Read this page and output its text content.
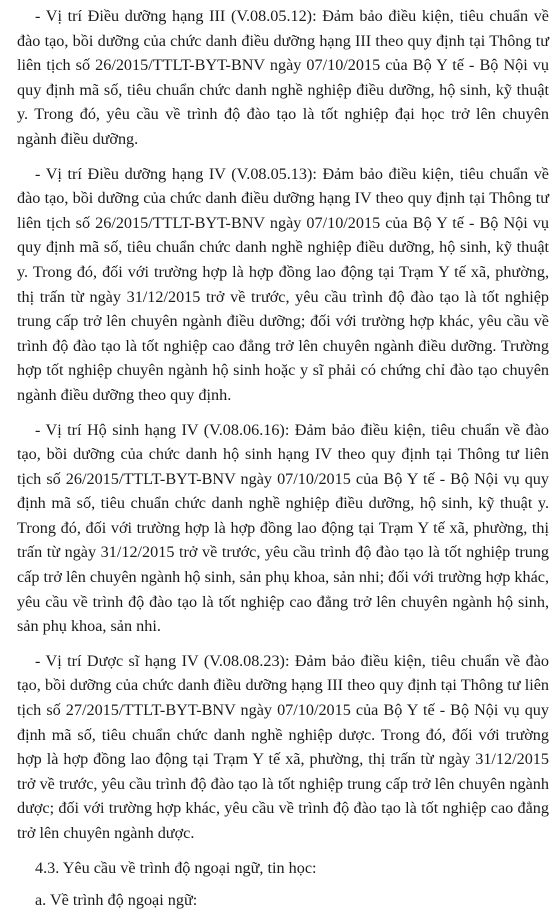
- Vị trí Điều dưỡng hạng III (V.08.05.12): Đảm bảo điều kiện, tiêu chuẩn về đào tạo, bồi dưỡng của chức danh điều dưỡng hạng III theo quy định tại Thông tư liên tịch số 26/2015/TTLT-BYT-BNV ngày 07/10/2015 của Bộ Y tế - Bộ Nội vụ quy định mã số, tiêu chuẩn chức danh nghề nghiệp điều dưỡng, hộ sinh, kỹ thuật y. Trong đó, yêu cầu về trình độ đào tạo là tốt nghiệp đại học trở lên chuyên ngành điều dưỡng.

- Vị trí Điều dưỡng hạng IV (V.08.05.13): Đảm bảo điều kiện, tiêu chuẩn về đào tạo, bồi dưỡng của chức danh điều dưỡng hạng IV theo quy định tại Thông tư liên tịch số 26/2015/TTLT-BYT-BNV ngày 07/10/2015 của Bộ Y tế - Bộ Nội vụ quy định mã số, tiêu chuẩn chức danh nghề nghiệp điều dưỡng, hộ sinh, kỹ thuật y. Trong đó, đối với trường hợp là hợp đồng lao động tại Trạm Y tế xã, phường, thị trấn từ ngày 31/12/2015 trở về trước, yêu cầu trình độ đào tạo là tốt nghiệp trung cấp trở lên chuyên ngành điều dưỡng; đối với trường hợp khác, yêu cầu về trình độ đào tạo là tốt nghiệp cao đẳng trở lên chuyên ngành điều dưỡng. Trường hợp tốt nghiệp chuyên ngành hộ sinh hoặc y sĩ phải có chứng chỉ đào tạo chuyên ngành điều dưỡng theo quy định.

- Vị trí Hộ sinh hạng IV (V.08.06.16): Đảm bảo điều kiện, tiêu chuẩn về đào tạo, bồi dưỡng của chức danh hộ sinh hạng IV theo quy định tại Thông tư liên tịch số 26/2015/TTLT-BYT-BNV ngày 07/10/2015 của Bộ Y tế - Bộ Nội vụ quy định mã số, tiêu chuẩn chức danh nghề nghiệp điều dưỡng, hộ sinh, kỹ thuật y. Trong đó, đối với trường hợp là hợp đồng lao động tại Trạm Y tế xã, phường, thị trấn từ ngày 31/12/2015 trở về trước, yêu cầu trình độ đào tạo là tốt nghiệp trung cấp trở lên chuyên ngành hộ sinh, sản phụ khoa, sản nhi; đối với trường hợp khác, yêu cầu về trình độ đào tạo là tốt nghiệp cao đẳng trở lên chuyên ngành hộ sinh, sản phụ khoa, sản nhi.

- Vị trí Dược sĩ hạng IV (V.08.08.23): Đảm bảo điều kiện, tiêu chuẩn về đào tạo, bồi dưỡng của chức danh điều dưỡng hạng III theo quy định tại Thông tư liên tịch số 27/2015/TTLT-BYT-BNV ngày 07/10/2015 của Bộ Y tế - Bộ Nội vụ quy định mã số, tiêu chuẩn chức danh nghề nghiệp dược. Trong đó, đối với trường hợp là hợp đồng lao động tại Trạm Y tế xã, phường, thị trấn từ ngày 31/12/2015 trở về trước, yêu cầu trình độ đào tạo là tốt nghiệp trung cấp trở lên chuyên ngành dược; đối với trường hợp khác, yêu cầu về trình độ đào tạo là tốt nghiệp cao đẳng trở lên chuyên ngành dược.

4.3. Yêu cầu về trình độ ngoại ngữ, tin học:

a. Về trình độ ngoại ngữ:
